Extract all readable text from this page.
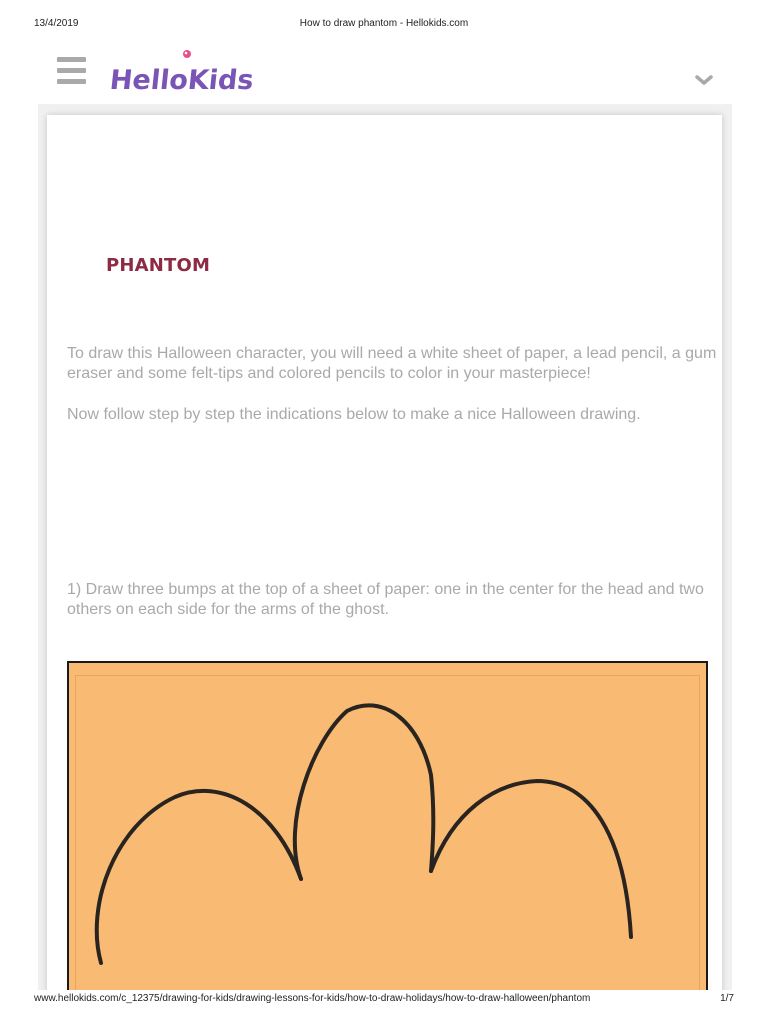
13/4/2019	How to draw phantom - Hellokids.com
HelloKids
PHANTOM

To draw this Halloween character, you will need a white sheet of paper, a lead pencil, a gum eraser and some felt-tips and colored pencils to color in your masterpiece!

Now follow step by step the indications below to make a nice Halloween drawing.

1) Draw three bumps at the top of a sheet of paper: one in the center for the head and two others on each side for the arms of the ghost.

www.hellokids.com/c_12375/drawing-for-kids/drawing-lessons-for-kids/how-to-draw-holidays/how-to-draw-halloween/phantom	1/7
